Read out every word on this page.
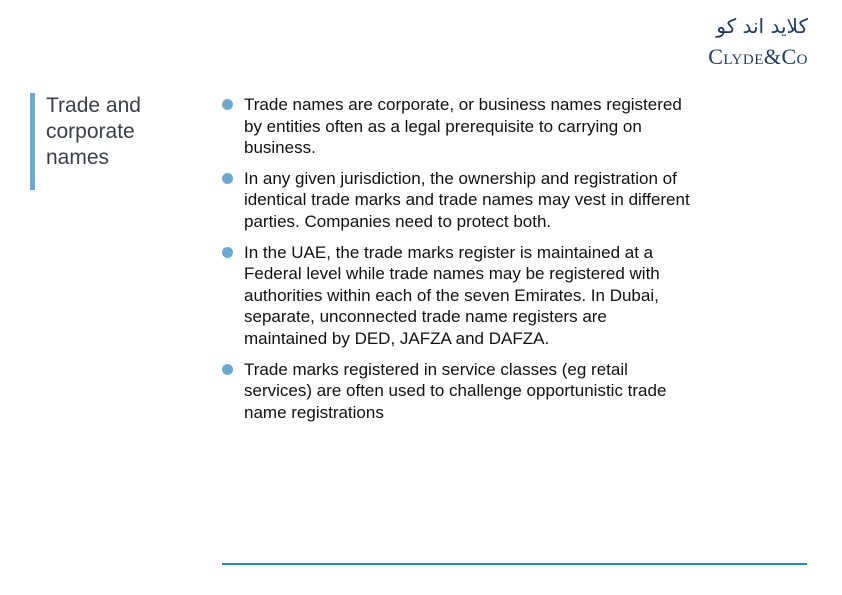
كلايد اند كو
Clyde&Co
Trade and corporate names
Trade names are corporate, or business names registered by entities often as a legal prerequisite to carrying on business.
In any given jurisdiction, the ownership and registration of identical trade marks and trade names may vest in different parties. Companies need to protect both.
In the UAE, the trade marks register is maintained at a Federal level while trade names may be registered with authorities within each of the seven Emirates. In Dubai, separate, unconnected trade name registers are maintained by DED, JAFZA and DAFZA.
Trade marks registered in service classes (eg retail services) are often used to challenge opportunistic trade name registrations
